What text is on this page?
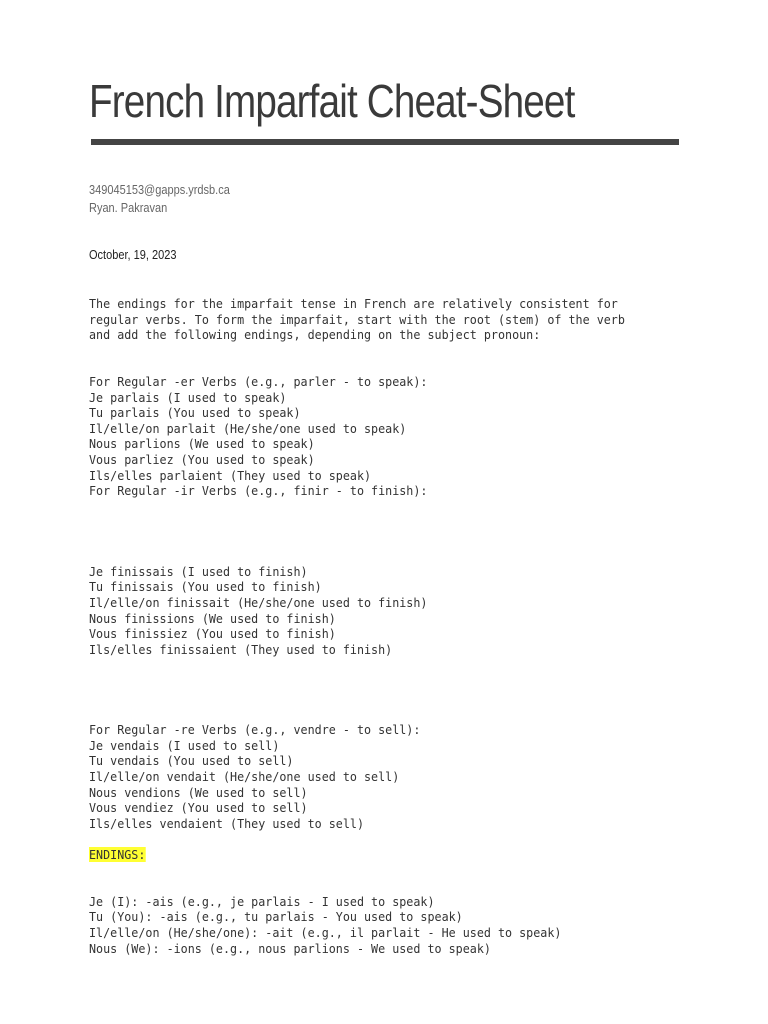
French Imparfait Cheat-Sheet
349045153@gapps.yrdsb.ca
Ryan. Pakravan
October, 19, 2023
The endings for the imparfait tense in French are relatively consistent for
regular verbs. To form the imparfait, start with the root (stem) of the verb
and add the following endings, depending on the subject pronoun:
For Regular -er Verbs (e.g., parler - to speak):
Je parlais (I used to speak)
Tu parlais (You used to speak)
Il/elle/on parlait (He/she/one used to speak)
Nous parlions (We used to speak)
Vous parliez (You used to speak)
Ils/elles parlaient (They used to speak)
For Regular -ir Verbs (e.g., finir - to finish):
Je finissais (I used to finish)
Tu finissais (You used to finish)
Il/elle/on finissait (He/she/one used to finish)
Nous finissions (We used to finish)
Vous finissiez (You used to finish)
Ils/elles finissaient (They used to finish)
For Regular -re Verbs (e.g., vendre - to sell):
Je vendais (I used to sell)
Tu vendais (You used to sell)
Il/elle/on vendait (He/she/one used to sell)
Nous vendions (We used to sell)
Vous vendiez (You used to sell)
Ils/elles vendaient (They used to sell)
ENDINGS:
Je (I): -ais (e.g., je parlais - I used to speak)
Tu (You): -ais (e.g., tu parlais - You used to speak)
Il/elle/on (He/she/one): -ait (e.g., il parlait - He used to speak)
Nous (We): -ions (e.g., nous parlions - We used to speak)
